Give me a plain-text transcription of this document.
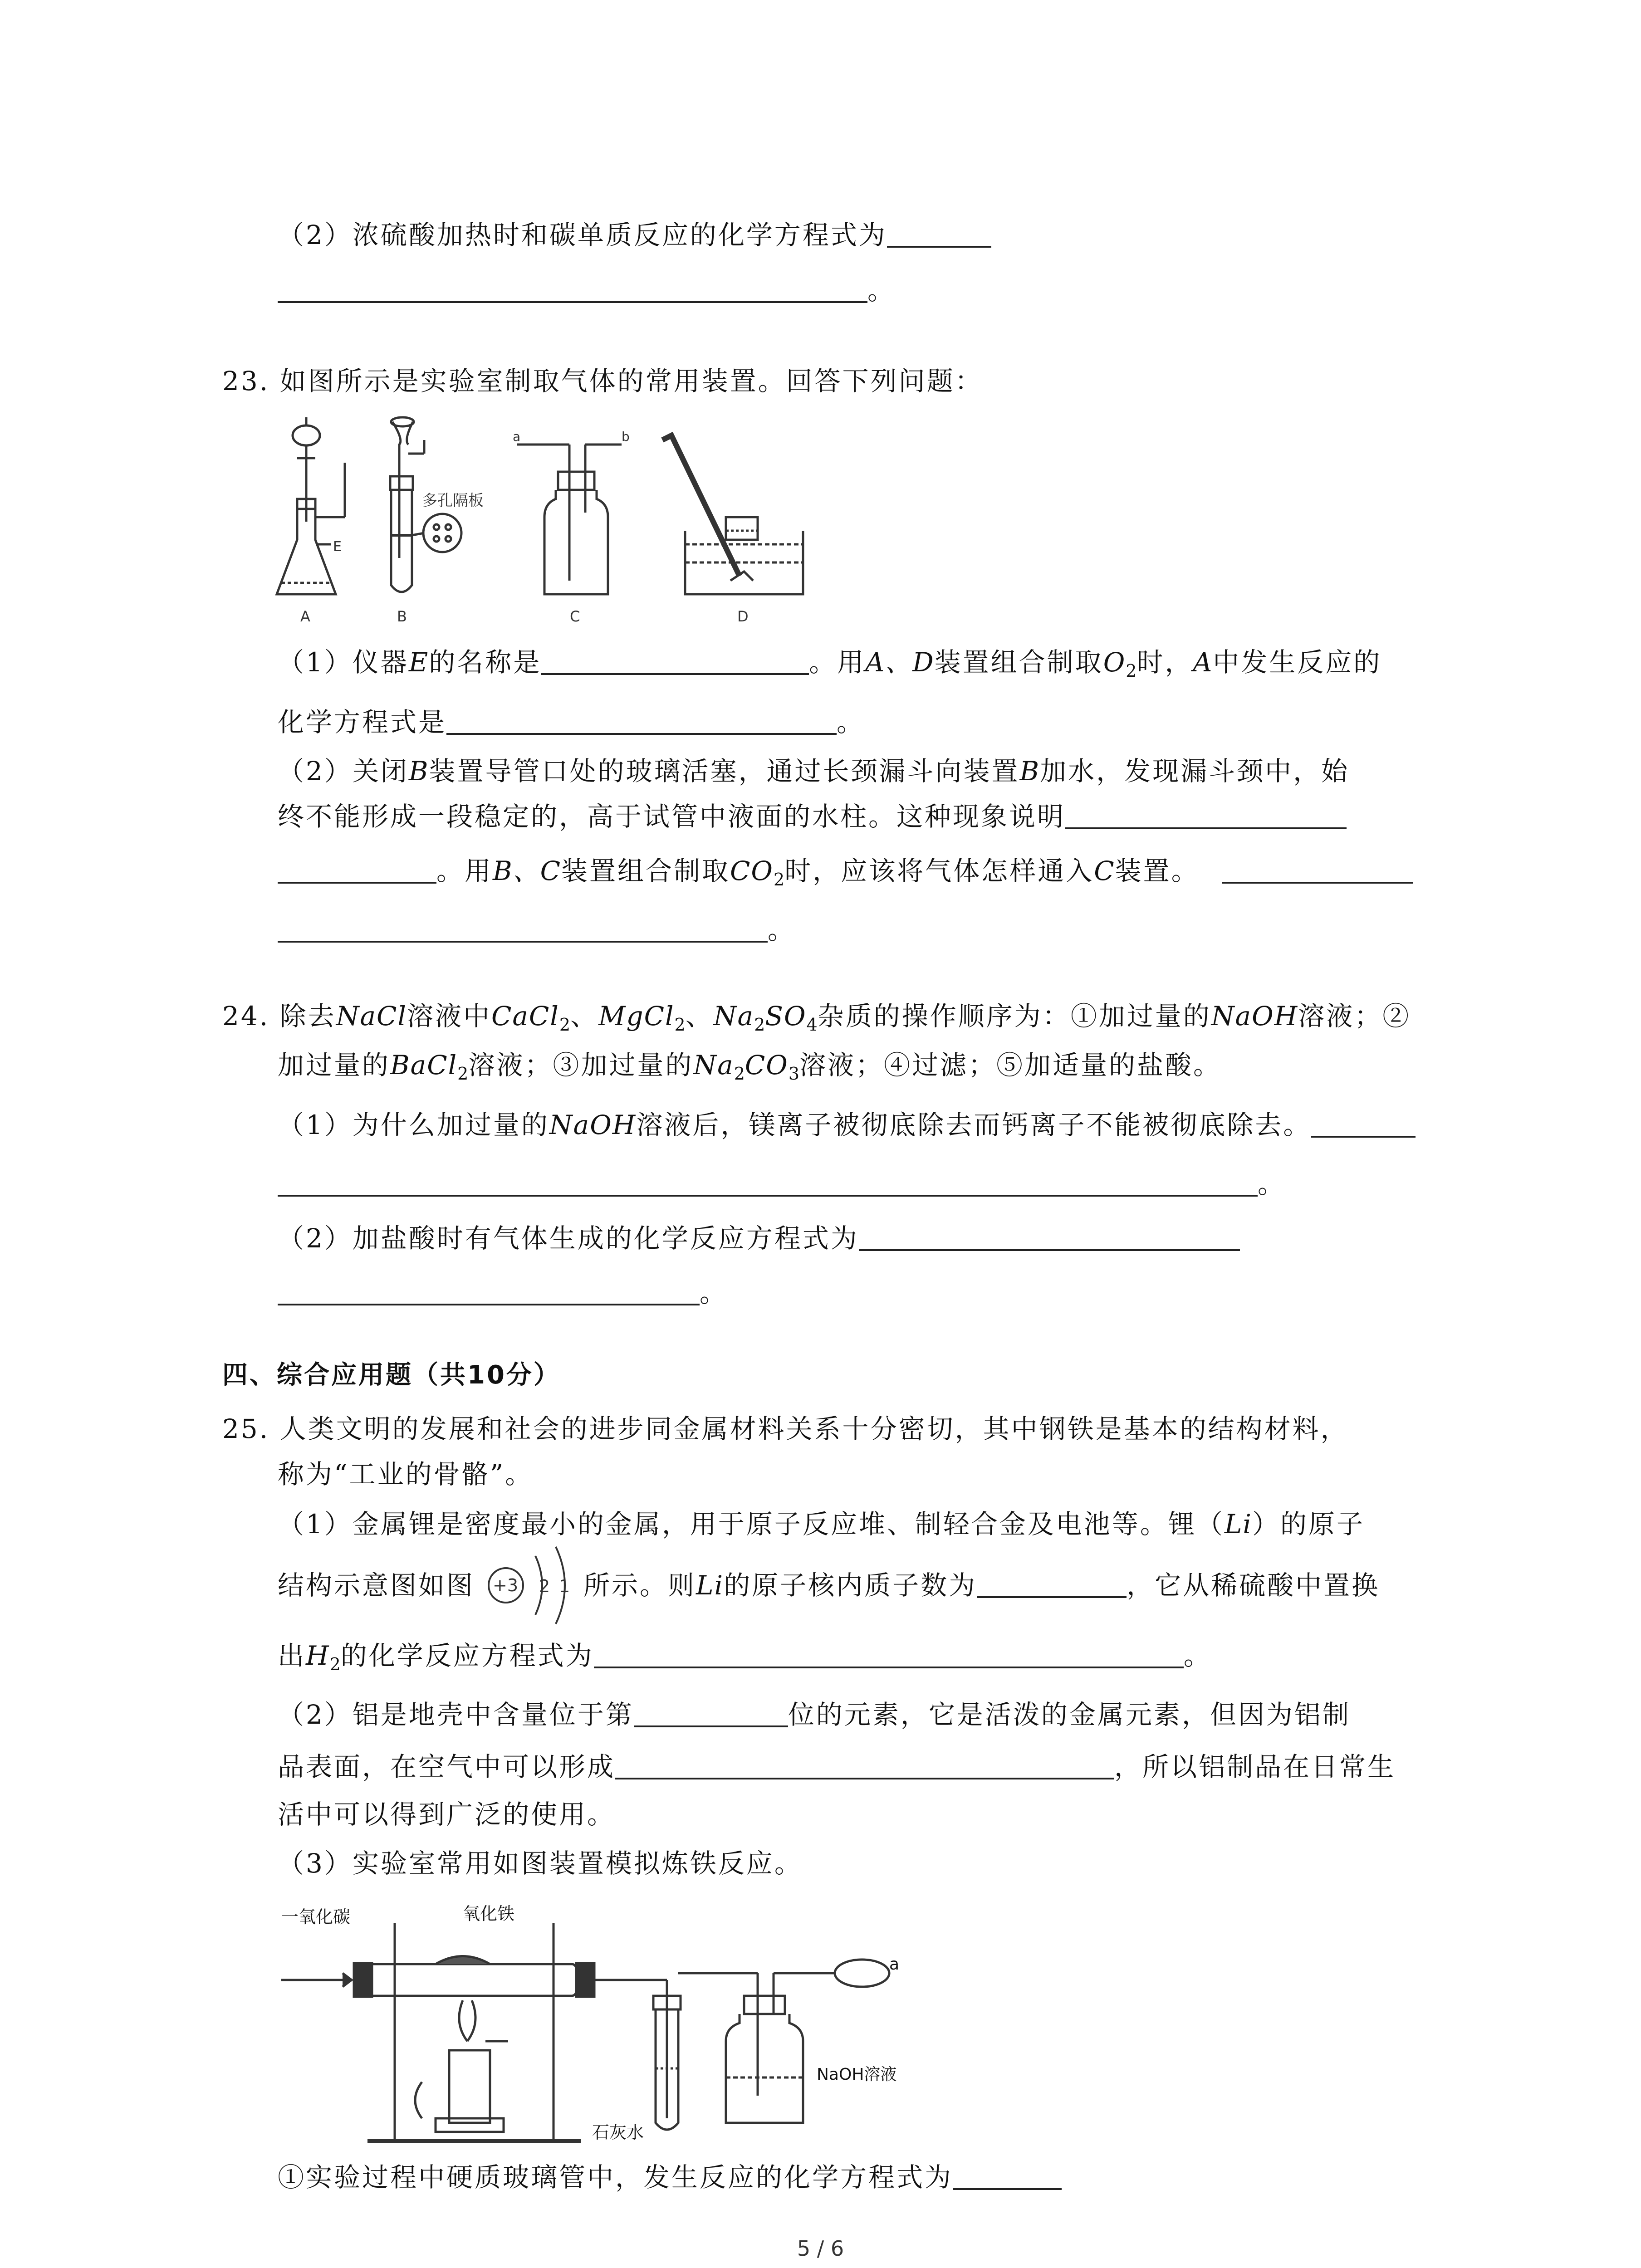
（2）浓硫酸加热时和碳单质反应的化学方程式为
。
23. 如图所示是实验室制取气体的常用装置。回答下列问题：
E
A
多孔隔板
B
a	b
C	D
（1）仪器E的名称是	。用A、D装置组合制取$O_2$时，A中发生反应的
化学方程式是	。
（2）关闭B装置导管口处的玻璃活塞，通过长颈漏斗向装置B加水，发现漏斗颈中，始
终不能形成一段稳定的，高于试管中液面的水柱。这种现象说明
。用B、C装置组合制取$CO_2$时，应该将气体怎样通入C装置。
。
24. 除去NaCl溶液中CaCl$_2$、MgCl$_2$、$Na_2SO_4$杂质的操作顺序为：①加过量的NaOH溶液；②
加过量的BaCl$_2$溶液；③加过量的$Na_2CO_3$溶液；④过滤；⑤加适量的盐酸。
（1）为什么加过量的NaOH溶液后，镁离子被彻底除去而钙离子不能被彻底除去。
。
（2）加盐酸时有气体生成的化学反应方程式为
。
四、综合应用题（共10分）
25. 人类文明的发展和社会的进步同金属材料关系十分密切，其中钢铁是基本的结构材料，
称为“工业的骨骼”。
（1）金属锂是密度最小的金属，用于原子反应堆、制轻合金及电池等。锂（Li）的原子
结构示意图如图	所示。则Li的原子核内质子数为	，它从稀硫酸中置换
+3 2 1
出$H_2$的化学反应方程式为	。
（2）铝是地壳中含量位于第	位的元素，它是活泼的金属元素，但因为铝制
品表面，在空气中可以形成	，所以铝制品在日常生
活中可以得到广泛的使用。
（3）实验室常用如图装置模拟炼铁反应。
一氧化碳	氧化铁
石灰水
NaOH溶液
a
①实验过程中硬质玻璃管中，发生反应的化学方程式为
5 / 6
